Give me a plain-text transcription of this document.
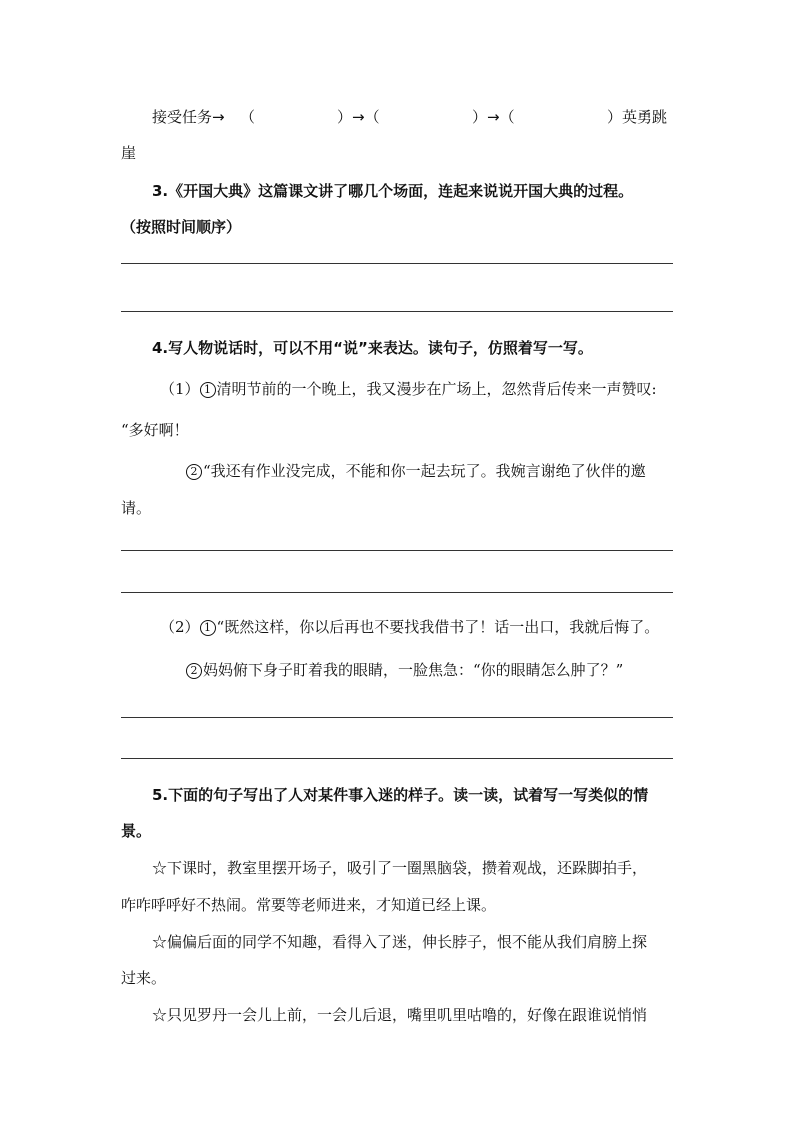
接受任务→ （	）→（	）→（	）英勇跳
崖
3.《开国大典》这篇课文讲了哪几个场面，连起来说说开国大典的过程。
（按照时间顺序）
4.写人物说话时，可以不用“说”来表达。读句子，仿照着写一写。
（1） 1 清明节前的一个晚上，我又漫步在广场上，忽然背后传来一声赞叹:
“多好啊！
2 “我还有作业没完成，不能和你一起去玩了。我婉言谢绝了伙伴的邀
请。
（2） 1 “既然这样，你以后再也不要找我借书了！话一出口，我就后悔了。
2 妈妈俯下身子盯着我的眼睛，一脸焦急：“你的眼睛怎么肿了？”
5.下面的句子写出了人对某件事入迷的样子。读一读，试着写一写类似的情
景。
☆下课时，教室里摆开场子，吸引了一圈黑脑袋，攒着观战，还跺脚拍手，
咋咋呼呼好不热闹。常要等老师进来，才知道已经上课。
☆偏偏后面的同学不知趣，看得入了迷，伸长脖子，恨不能从我们肩膀上探
过来。
☆只见罗丹一会儿上前，一会儿后退，嘴里叽里咕噜的，好像在跟谁说悄悄
